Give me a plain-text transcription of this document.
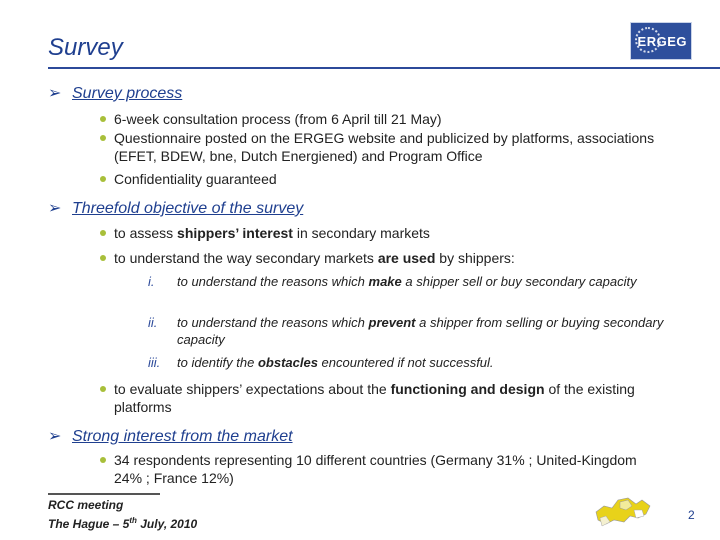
Survey	ERGEG
➢ Survey process
6-week consultation process (from 6 April till 21 May)
Questionnaire posted on the ERGEG website and publicized by platforms, associations (EFET, BDEW, bne, Dutch Energiened) and Program Office
Confidentiality guaranteed
➢ Threefold objective of the survey
to assess shippers’ interest in secondary markets
to understand the way secondary markets are used by shippers:
i.	to understand the reasons which make a shipper sell or buy secondary capacity
ii.	to understand the reasons which prevent a shipper from selling or buying secondary capacity
iii.	to identify the obstacles encountered if not successful.
to evaluate shippers’ expectations about the functioning and design of the existing platforms
➢ Strong interest from the market
34 respondents representing 10 different countries (Germany 31% ; United-Kingdom 24% ; France 12%)
RCC meeting
The Hague – 5th July, 2010
2
